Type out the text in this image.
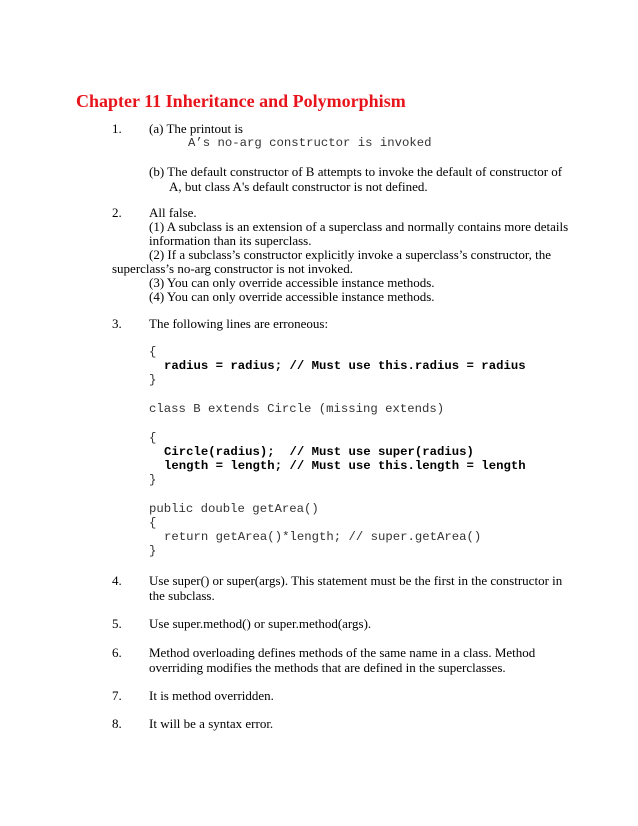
Chapter 11 Inheritance and Polymorphism
1. (a) The printout is
A’s no-arg constructor is invoked
(b) The default constructor of B attempts to invoke the default of constructor of
A, but class A's default constructor is not defined.
2. All false.
(1) A subclass is an extension of a superclass and normally contains more details
information than its superclass.
(2) If a subclass’s constructor explicitly invoke a superclass’s constructor, the
superclass’s no-arg constructor is not invoked.
(3) You can only override accessible instance methods.
(4) You can only override accessible instance methods.
3. The following lines are erroneous:
{
radius = radius; // Must use this.radius = radius
}
class B extends Circle (missing extends)
{
Circle(radius);  // Must use super(radius)
length = length; // Must use this.length = length
}
public double getArea()
{
return getArea()*length; // super.getArea()
}
4. Use super() or super(args). This statement must be the first in the constructor in
the subclass.
5. Use super.method() or super.method(args).
6. Method overloading defines methods of the same name in a class. Method
overriding modifies the methods that are defined in the superclasses.
7. It is method overridden.
8. It will be a syntax error.
